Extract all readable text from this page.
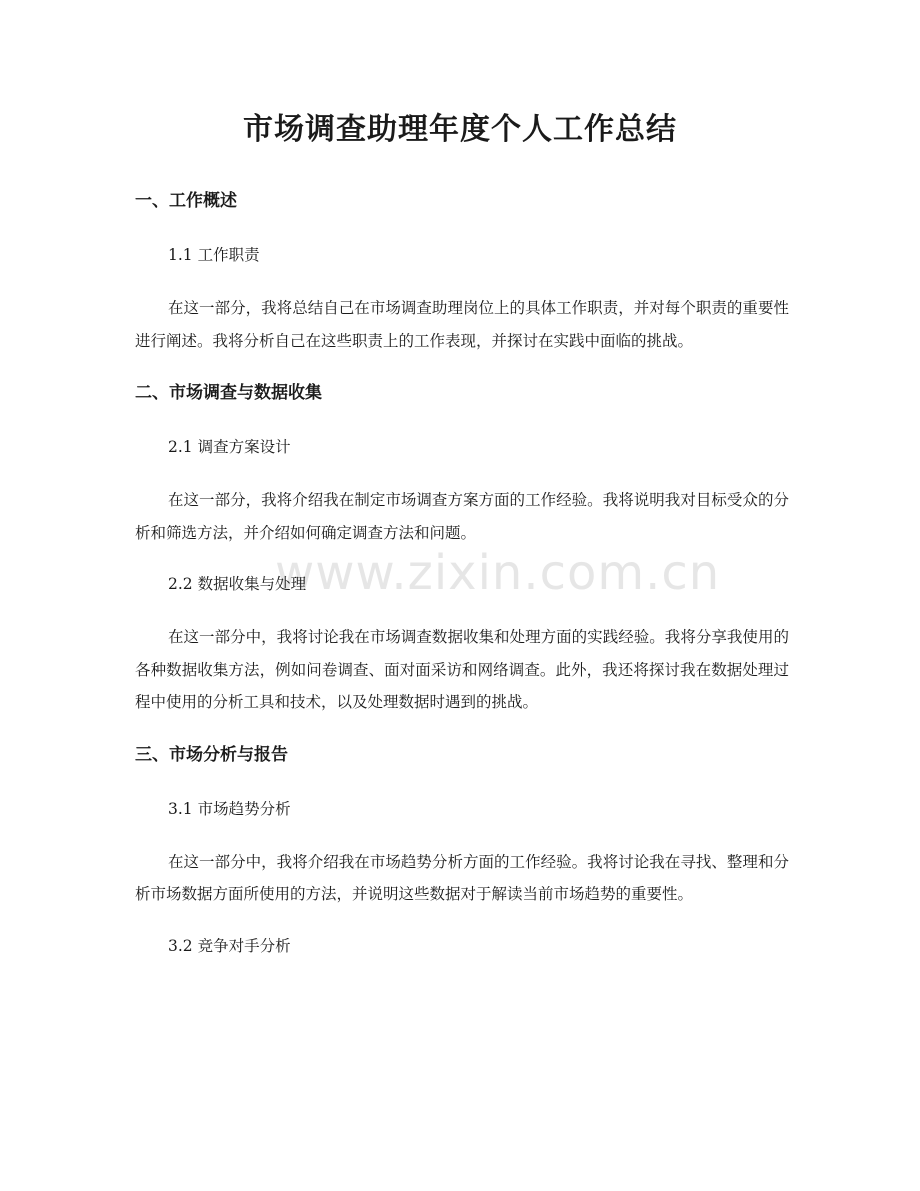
www.zixin.com.cn
市场调查助理年度个人工作总结
一、工作概述
1.1 工作职责

在这一部分，我将总结自己在市场调查助理岗位上的具体工作职责，并对每个职责的重要性进行阐述。我将分析自己在这些职责上的工作表现，并探讨在实践中面临的挑战。

二、市场调查与数据收集
2.1 调查方案设计

在这一部分，我将介绍我在制定市场调查方案方面的工作经验。我将说明我对目标受众的分析和筛选方法，并介绍如何确定调查方法和问题。

2.2 数据收集与处理

在这一部分中，我将讨论我在市场调查数据收集和处理方面的实践经验。我将分享我使用的各种数据收集方法，例如问卷调查、面对面采访和网络调查。此外，我还将探讨我在数据处理过程中使用的分析工具和技术，以及处理数据时遇到的挑战。

三、市场分析与报告
3.1 市场趋势分析

在这一部分中，我将介绍我在市场趋势分析方面的工作经验。我将讨论我在寻找、整理和分析市场数据方面所使用的方法，并说明这些数据对于解读当前市场趋势的重要性。

3.2 竞争对手分析
